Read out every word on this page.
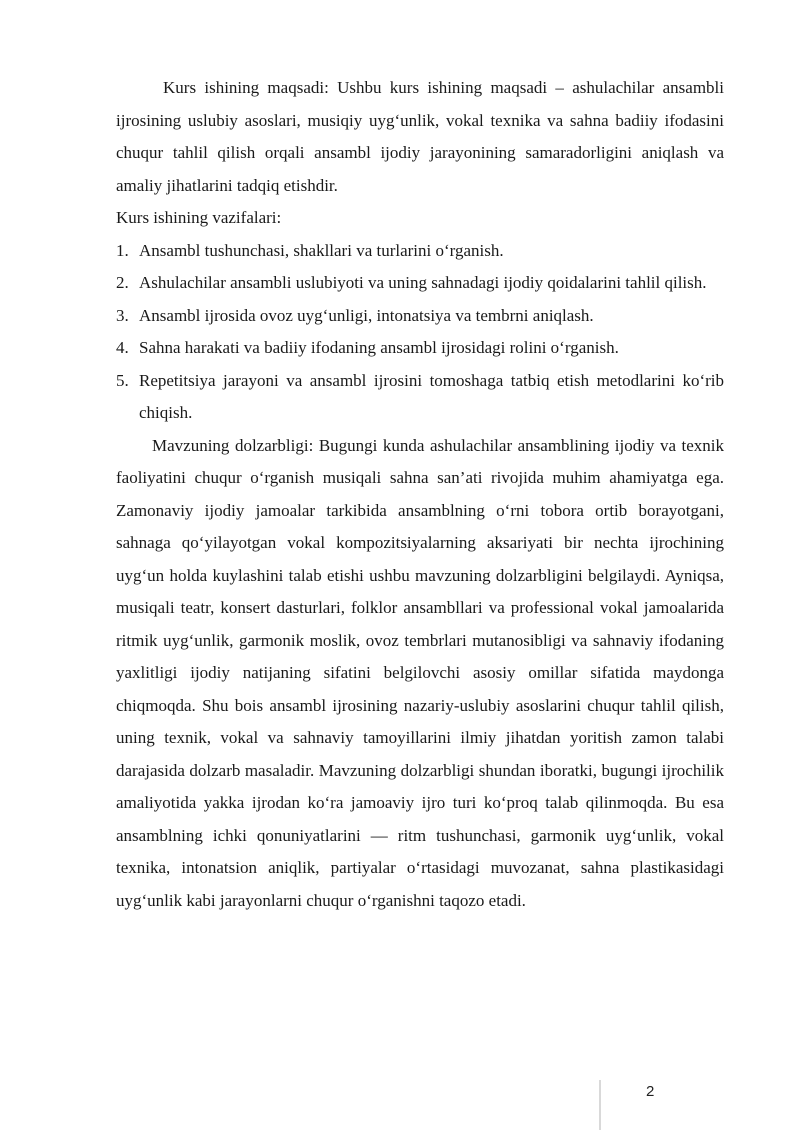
Kurs ishining maqsadi: Ushbu kurs ishining maqsadi – ashulachilar ansambli ijrosining uslubiy asoslari, musiqiy uygʻunlik, vokal texnika va sahna badiiy ifodasini chuqur tahlil qilish orqali ansambl ijodiy jarayonining samaradorligini aniqlash va amaliy jihatlarini tadqiq etishdir.

Kurs ishining vazifalari:

1. Ansambl tushunchasi, shakllari va turlarini oʻrganish.
2. Ashulachilar ansambli uslubiyoti va uning sahnadagi ijodiy qoidalarini tahlil qilish.
3. Ansambl ijrosida ovoz uygʻunligi, intonatsiya va tembrni aniqlash.
4. Sahna harakati va badiiy ifodaning ansambl ijrosidagi rolini oʻrganish.
5. Repetitsiya jarayoni va ansambl ijrosini tomoshaga tatbiq etish metodlarini koʻrib chiqish.

Mavzuning dolzarbligi: Bugungi kunda ashulachilar ansamblining ijodiy va texnik faoliyatini chuqur oʻrganish musiqali sahna san’ati rivojida muhim ahamiyatga ega. Zamonaviy ijodiy jamoalar tarkibida ansamblning oʻrni tobora ortib borayotgani, sahnaga qoʻyilayotgan vokal kompozitsiyalarning aksariyati bir nechta ijrochining uygʻun holda kuylashini talab etishi ushbu mavzuning dolzarbligini belgilaydi. Ayniqsa, musiqali teatr, konsert dasturlari, folklor ansambllari va professional vokal jamoalarida ritmik uygʻunlik, garmonik moslik, ovoz tembrlari mutanosibligi va sahnaviy ifodaning yaxlitligi ijodiy natijaning sifatini belgilovchi asosiy omillar sifatida maydonga chiqmoqda. Shu bois ansambl ijrosining nazariy-uslubiy asoslarini chuqur tahlil qilish, uning texnik, vokal va sahnaviy tamoyillarini ilmiy jihatdan yoritish zamon talabi darajasida dolzarb masaladir. Mavzuning dolzarbligi shundan iboratki, bugungi ijrochilik amaliyotida yakka ijrodan koʻra jamoaviy ijro turi koʻproq talab qilinmoqda. Bu esa ansamblning ichki qonuniyatlarini — ritm tushunchasi, garmonik uygʻunlik, vokal texnika, intonatsion aniqlik, partiyalar oʻrtasidagi muvozanat, sahna plastikasidagi uygʻunlik kabi jarayonlarni chuqur oʻrganishni taqozo etadi.

2
